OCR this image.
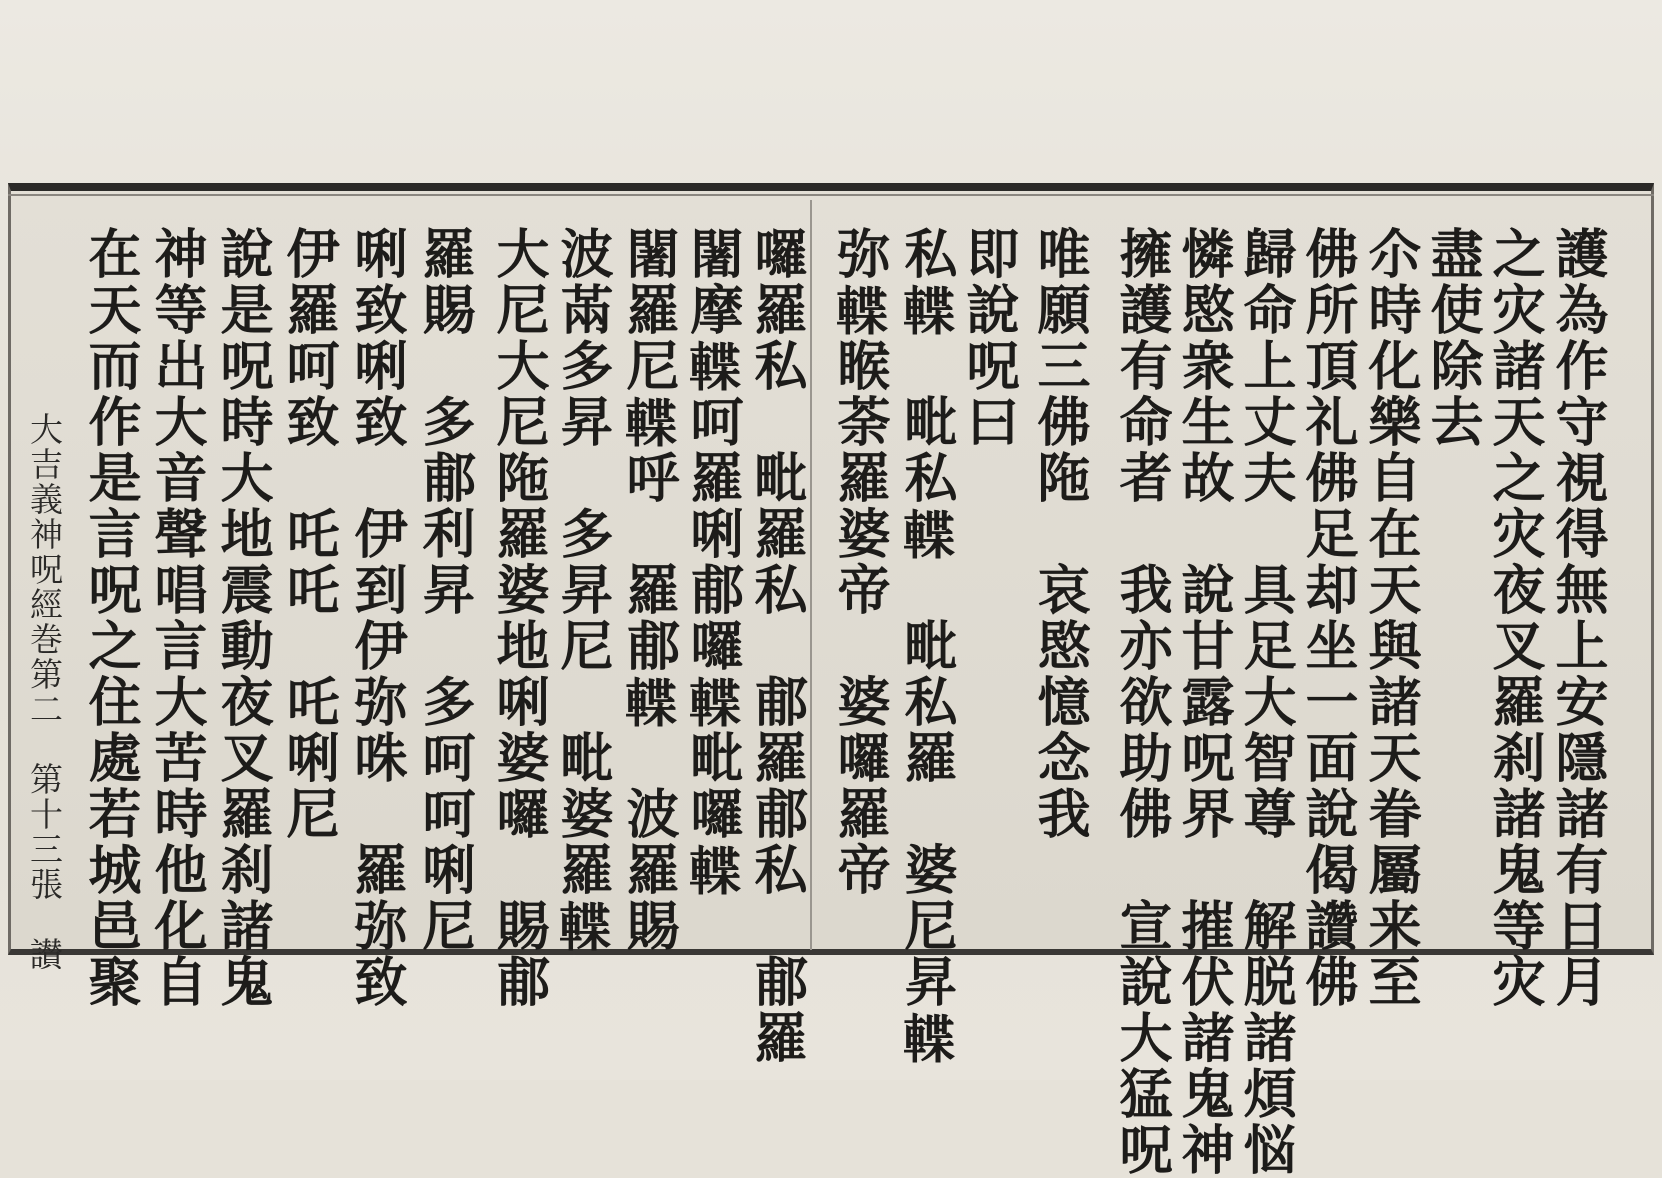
護為作守視得無上安隱諸有日月
之灾諸天之灾夜叉羅刹諸鬼等灾
盡使除去
尒時化樂自在天與諸天眷屬来至
佛所頂礼佛足却坐一面說偈讚佛
歸命上丈夫　具足大智尊　解脱諸煩悩
憐愍衆生故　說甘露呪界　摧伏諸鬼神
擁護有命者　我亦欲助佛　宣說大猛呪
唯願三佛陁　哀愍憶念我
即說呪曰
私𨍕　毗私𨍕　毗私羅　婆尼昇𨍕
弥𨍕睺荼羅婆帝　婆囉羅帝
囉羅私　毗羅私　郙羅郙私　郙羅
闍摩𨍕呵羅唎郙囉𨍕毗囉𨍕
闍羅尼𨍕呼　羅郙𨍕　波羅賜
波㒼多昇　多昇尼　毗婆羅𨍕
大尼大尼陁羅婆地唎婆囉　賜郙
羅賜　多郙利昇　多呵呵唎尼
唎致唎致　伊到伊弥咮　羅弥致
伊羅呵致　吒吒　吒唎尼
說是呪時大地震動夜叉羅刹諸鬼
神等出大音聲唱言大苦時他化自
在天而作是言呪之住處若城邑聚
大吉義神呪經巻第二　第十三張　讃
